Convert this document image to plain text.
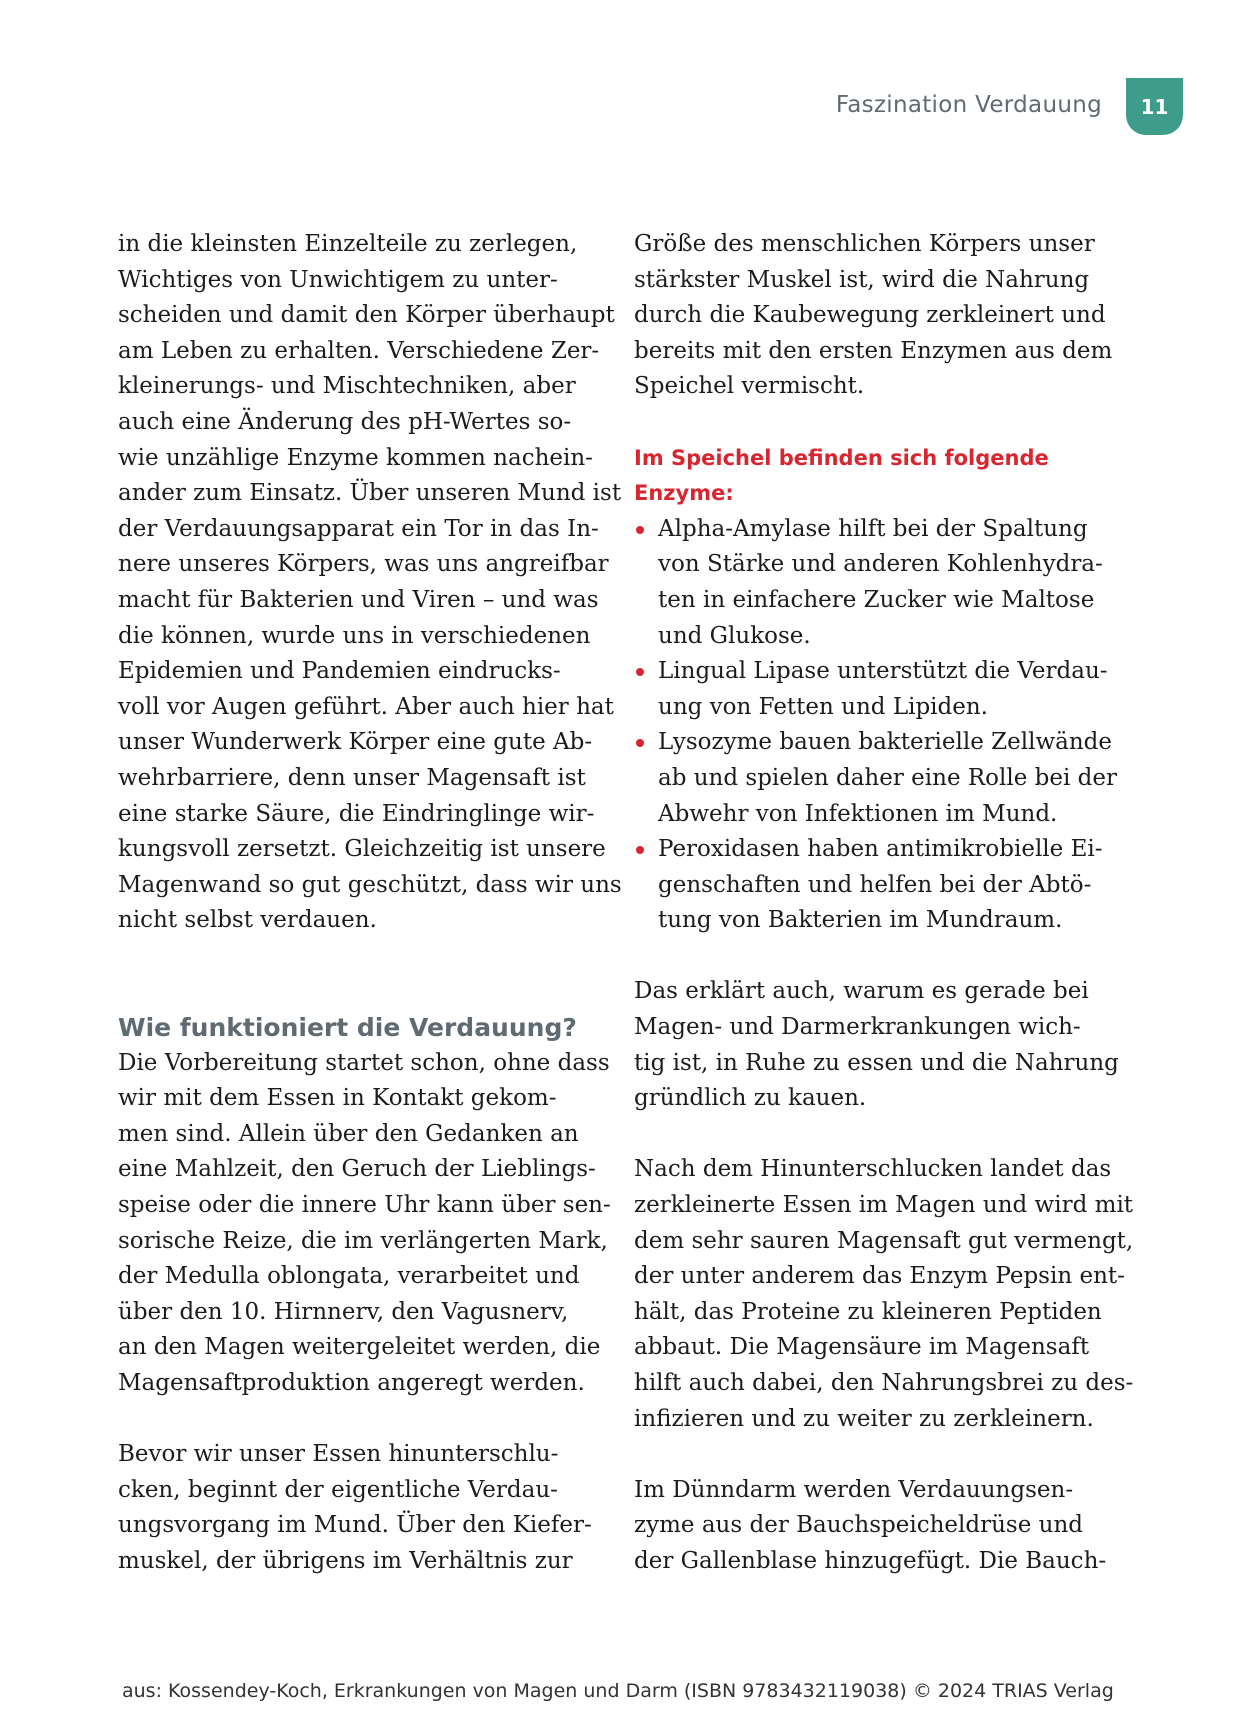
Faszination Verdauung	11

in die kleinsten Einzelteile zu zerlegen,
Wichtiges von Unwichtigem zu unter-
scheiden und damit den Körper überhaupt
am Leben zu erhalten. Verschiedene Zer-
kleinerungs- und Mischtechniken, aber
auch eine Änderung des pH-Wertes so-
wie unzählige Enzyme kommen nachein-
ander zum Einsatz. Über unseren Mund ist
der Verdauungsapparat ein Tor in das In-
nere unseres Körpers, was uns angreifbar
macht für Bakterien und Viren – und was
die können, wurde uns in verschiedenen
Epidemien und Pandemien eindrucks-
voll vor Augen geführt. Aber auch hier hat
unser Wunderwerk Körper eine gute Ab-
wehrbarriere, denn unser Magensaft ist
eine starke Säure, die Eindringlinge wir-
kungsvoll zersetzt. Gleichzeitig ist unsere
Magenwand so gut geschützt, dass wir uns
nicht selbst verdauen.

Wie funktioniert die Verdauung?

Die Vorbereitung startet schon, ohne dass
wir mit dem Essen in Kontakt gekom-
men sind. Allein über den Gedanken an
eine Mahlzeit, den Geruch der Lieblings-
speise oder die innere Uhr kann über sen-
sorische Reize, die im verlängerten Mark,
der Medulla oblongata, verarbeitet und
über den 10. Hirnnerv, den Vagusnerv,
an den Magen weitergeleitet werden, die
Magensaftproduktion angeregt werden.

Bevor wir unser Essen hinunterschlu-
cken, beginnt der eigentliche Verdau-
ungsvorgang im Mund. Über den Kiefer-
muskel, der übrigens im Verhältnis zur

Größe des menschlichen Körpers unser
stärkster Muskel ist, wird die Nahrung
durch die Kaubewegung zerkleinert und
bereits mit den ersten Enzymen aus dem
Speichel vermischt.

Im Speichel befinden sich folgende
Enzyme:

Alpha-Amylase hilft bei der Spaltung
von Stärke und anderen Kohlenhydra-
ten in einfachere Zucker wie Maltose
und Glukose.
Lingual Lipase unterstützt die Verdau-
ung von Fetten und Lipiden.
Lysozyme bauen bakterielle Zellwände
ab und spielen daher eine Rolle bei der
Abwehr von Infektionen im Mund.
Peroxidasen haben antimikrobielle Ei-
genschaften und helfen bei der Abtö-
tung von Bakterien im Mundraum.

Das erklärt auch, warum es gerade bei
Magen- und Darmerkrankungen wich-
tig ist, in Ruhe zu essen und die Nahrung
gründlich zu kauen.

Nach dem Hinunterschlucken landet das
zerkleinerte Essen im Magen und wird mit
dem sehr sauren Magensaft gut vermengt,
der unter anderem das Enzym Pepsin ent-
hält, das Proteine zu kleineren Peptiden
abbaut. Die Magensäure im Magensaft
hilft auch dabei, den Nahrungsbrei zu des-
infizieren und zu weiter zu zerkleinern.

Im Dünndarm werden Verdauungsen-
zyme aus der Bauchspeicheldrüse und
der Gallenblase hinzugefügt. Die Bauch-

aus: Kossendey-Koch, Erkrankungen von Magen und Darm (ISBN 9783432119038) © 2024 TRIAS Verlag
